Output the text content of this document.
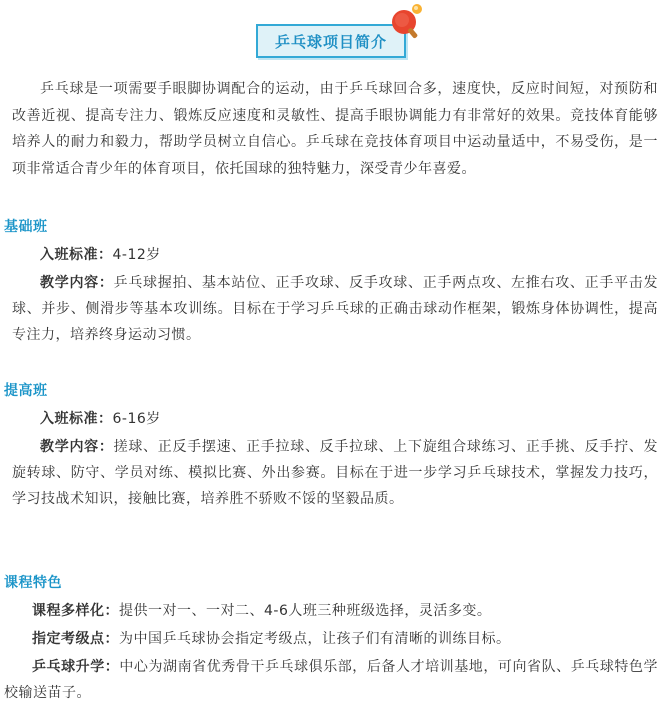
乒乓球项目简介
乒乓球是一项需要手眼脚协调配合的运动，由于乒乓球回合多，速度快，反应时间短，对预防和改善近视、提高专注力、锻炼反应速度和灵敏性、提高手眼协调能力有非常好的效果。竞技体育能够培养人的耐力和毅力，帮助学员树立自信心。乒乓球在竞技体育项目中运动量适中，不易受伤，是一项非常适合青少年的体育项目，依托国球的独特魅力，深受青少年喜爱。
基础班
入班标准：4-12岁
教学内容：乒乓球握拍、基本站位、正手攻球、反手攻球、正手两点攻、左推右攻、正手平击发球、并步、侧滑步等基本攻训练。目标在于学习乒乓球的正确击球动作框架，锻炼身体协调性，提高专注力，培养终身运动习惯。
提高班
入班标准：6-16岁
教学内容：搓球、正反手摆速、正手拉球、反手拉球、上下旋组合球练习、正手挑、反手拧、发旋转球、防守、学员对练、模拟比赛、外出参赛。目标在于进一步学习乒乓球技术，掌握发力技巧，学习技战术知识，接触比赛，培养胜不骄败不馁的坚毅品质。
课程特色
课程多样化：提供一对一、一对二、4-6人班三种班级选择，灵活多变。
指定考级点：为中国乒乓球协会指定考级点，让孩子们有清晰的训练目标。
乒乓球升学：中心为湖南省优秀骨干乒乓球俱乐部，后备人才培训基地，可向省队、乒乓球特色学校输送苗子。
